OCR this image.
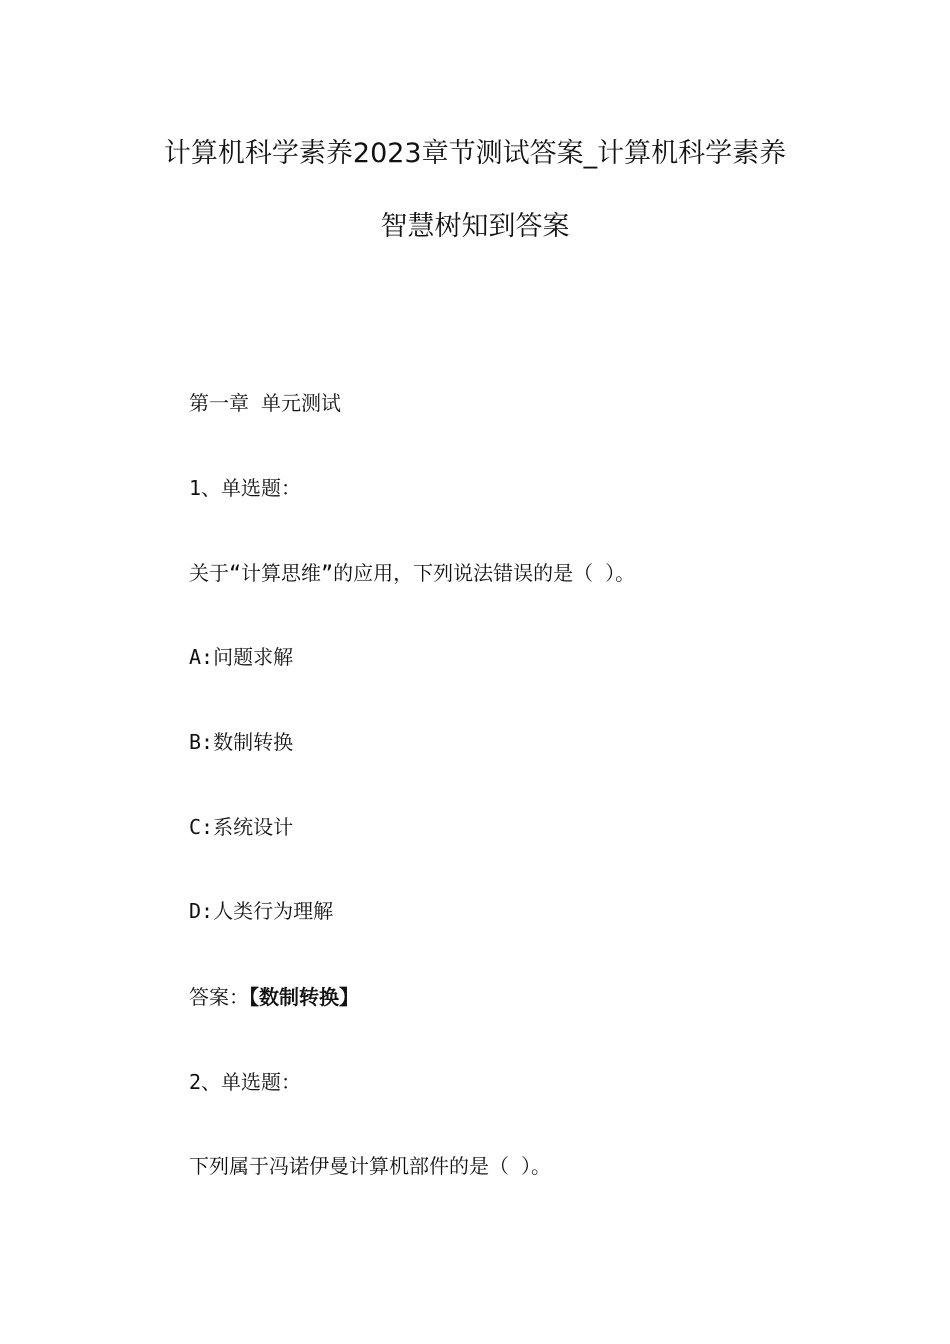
计算机科学素养2023章节测试答案_计算机科学素养
智慧树知到答案
第一章 单元测试
1、单选题：
关于“计算思维”的应用，下列说法错误的是（ ）。
A:问题求解
B:数制转换
C:系统设计
D:人类行为理解
答案：【数制转换】
2、单选题：
下列属于冯诺伊曼计算机部件的是（ ）。
